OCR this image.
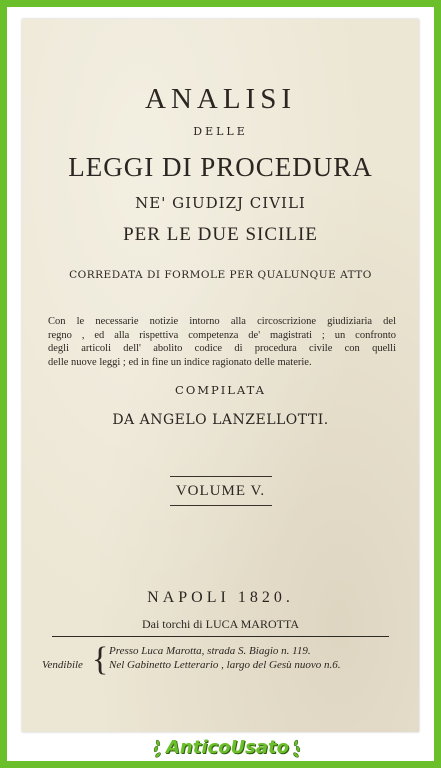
ANALISI
DELLE
LEGGI DI PROCEDURA
NE' GIUDIZJ CIVILI
PER LE DUE SICILIE
CORREDATA DI FORMOLE PER QUALUNQUE ATTO
Con le necessarie notizie intorno alla circoscrizione giudiziaria del
regno , ed alla rispettiva competenza de' magistrati ; un confronto
degli articoli dell' abolito codice di procedura civile con quelli
delle nuove leggi ; ed in fine un indice ragionato delle materie.
COMPILATA
DA ANGELO LANZELLOTTI.
VOLUME V.
NAPOLI 1820.
Dai torchi di LUCA MAROTTA
Vendibile { Presso Luca Marotta, strada S. Biagio n. 119.
Nel Gabinetto Letterario , largo del Gesù nuovo n.6.
AnticoUsato
